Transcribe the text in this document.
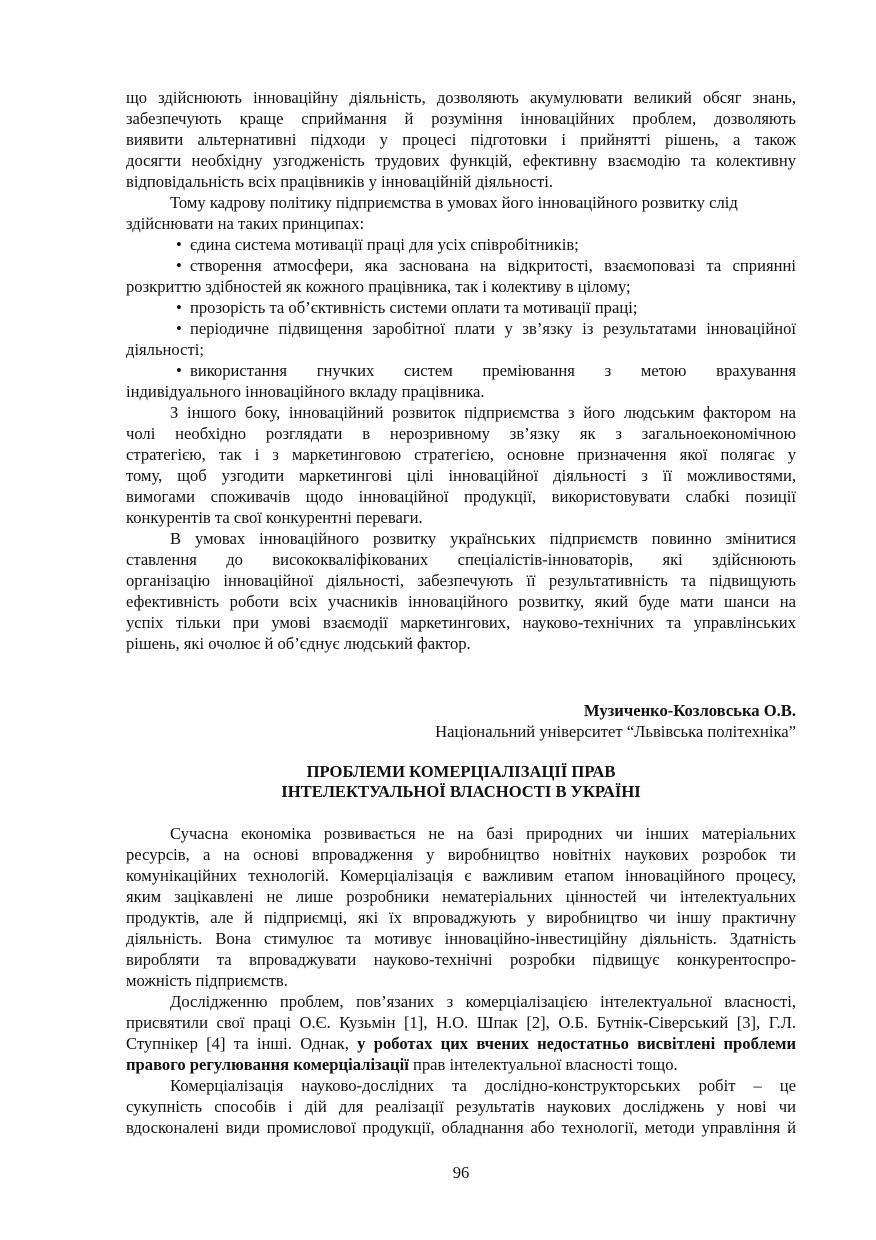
що здійснюють інноваційну діяльність, дозволяють акумулювати великий обсяг знань,
забезпечують краще сприймання й розуміння інноваційних проблем, дозволяють
виявити альтернативні підходи у процесі підготовки і прийнятті рішень, а також
досягти необхідну узгодженість трудових функцій, ефективну взаємодію та колективну
відповідальність всіх працівників у інноваційній діяльності.
Тому кадрову політику підприємства в умовах його інноваційного розвитку слід
здійснювати на таких принципах:
• єдина система мотивації праці для усіх співробітників;
• створення атмосфери, яка заснована на відкритості, взаємоповазі та сприянні
розкриттю здібностей як кожного працівника, так і колективу в цілому;
• прозорість та об’єктивність системи оплати та мотивації праці;
• періодичне підвищення заробітної плати у зв’язку із результатами інноваційної
діяльності;
• використання гнучких систем преміювання з метою врахування
індивідуального інноваційного вкладу працівника.
З іншого боку, інноваційний розвиток підприємства з його людським фактором на
чолі необхідно розглядати в нерозривному зв’язку як з загальноекономічною
стратегією, так і з маркетинговою стратегією, основне призначення якої полягає у
тому, щоб узгодити маркетингові цілі інноваційної діяльності з її можливостями,
вимогами споживачів щодо інноваційної продукції, використовувати слабкі позиції
конкурентів та свої конкурентні переваги.
В умовах інноваційного розвитку українських підприємств повинно змінитися
ставлення до висококваліфікованих спеціалістів-інноваторів, які здійснюють
організацію інноваційної діяльності, забезпечують її результативність та підвищують
ефективність роботи всіх учасників інноваційного розвитку, який буде мати шанси на
успіх тільки при умові взаємодії маркетингових, науково-технічних та управлінських
рішень, які очолює й об’єднує людський фактор.
Музиченко-Козловська О.В.
Національний університет “Львівська політехніка”
ПРОБЛЕМИ КОМЕРЦІАЛІЗАЦІЇ ПРАВ
ІНТЕЛЕКТУАЛЬНОЇ ВЛАСНОСТІ В УКРАЇНІ
Сучасна економіка розвивається не на базі природних чи інших матеріальних
ресурсів, а на основі впровадження у виробництво новітніх наукових розробок ти
комунікаційних технологій. Комерціалізація є важливим етапом інноваційного процесу,
яким зацікавлені не лише розробники нематеріальних цінностей чи інтелектуальних
продуктів, але й підприємці, які їх впроваджують у виробництво чи іншу практичну
діяльність. Вона стимулює та мотивує інноваційно-інвестиційну діяльність. Здатність
виробляти та впроваджувати науково-технічні розробки підвищує конкурентоспро-
можність підприємств.
Дослідженню проблем, пов’язаних з комерціалізацією інтелектуальної власності,
присвятили свої праці О.Є. Кузьмін [1], Н.О. Шпак [2], О.Б. Бутнік-Сіверський [3], Г.Л.
Ступнікер [4] та інші. Однак, у роботах цих вчених недостатньо висвітлені проблеми
правого регулювання комерціалізації прав інтелектуальної власності тощо.
Комерціалізація науково-дослідних та дослідно-конструкторських робіт – це
сукупність способів і дій для реалізації результатів наукових досліджень у нові чи
вдосконалені види промислової продукції, обладнання або технології, методи управління й
96
